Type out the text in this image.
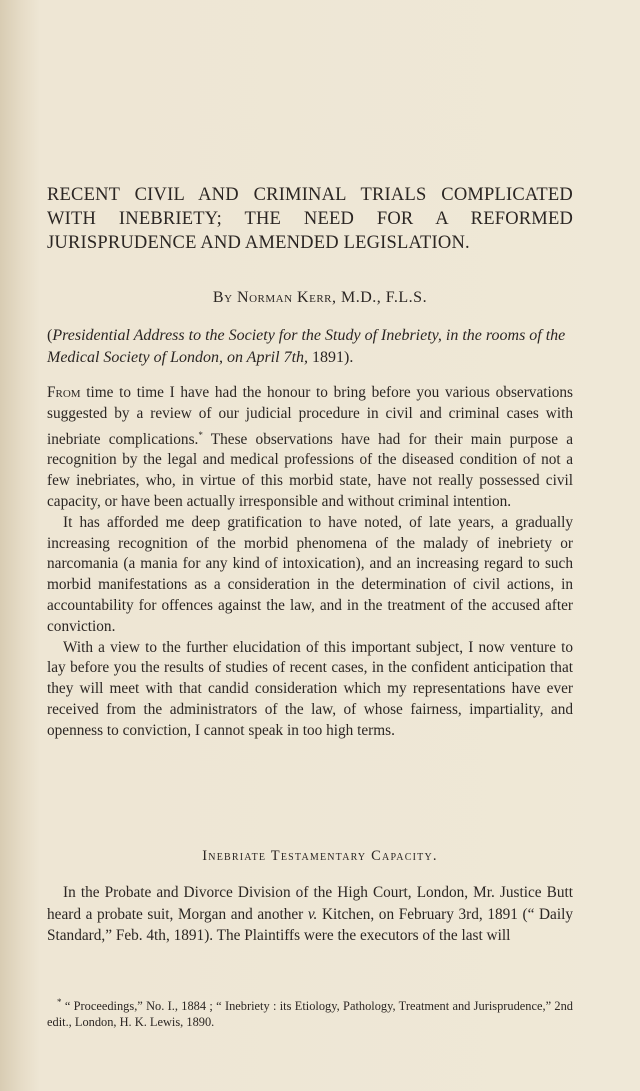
RECENT CIVIL AND CRIMINAL TRIALS COMPLICATED WITH INEBRIETY; THE NEED FOR A REFORMED JURISPRUDENCE AND AMENDED LEGISLATION.
By Norman Kerr, M.D., F.L.S.
(Presidential Address to the Society for the Study of Inebriety, in the rooms of the Medical Society of London, on April 7th, 1891).

From time to time I have had the honour to bring before you various observations suggested by a review of our judicial procedure in civil and criminal cases with inebriate complications.* These observations have had for their main purpose a recognition by the legal and medical professions of the diseased condition of not a few inebriates, who, in virtue of this morbid state, have not really possessed civil capacity, or have been actually irresponsible and without criminal intention.

It has afforded me deep gratification to have noted, of late years, a gradually increasing recognition of the morbid phenomena of the malady of inebriety or narcomania (a mania for any kind of intoxication), and an increasing regard to such morbid manifestations as a consideration in the determination of civil actions, in accountability for offences against the law, and in the treatment of the accused after conviction.

With a view to the further elucidation of this important subject, I now venture to lay before you the results of studies of recent cases, in the confident anticipation that they will meet with that candid consideration which my representations have ever received from the administrators of the law, of whose fairness, impartiality, and openness to conviction, I cannot speak in too high terms.

Inebriate Testamentary Capacity.

In the Probate and Divorce Division of the High Court, London, Mr. Justice Butt heard a probate suit, Morgan and another v. Kitchen, on February 3rd, 1891 (“ Daily Standard,” Feb. 4th, 1891). The Plaintiffs were the executors of the last will

* “ Proceedings,” No. I., 1884 ; “ Inebriety : its Etiology, Pathology, Treatment and Jurisprudence,” 2nd edit., London, H. K. Lewis, 1890.
